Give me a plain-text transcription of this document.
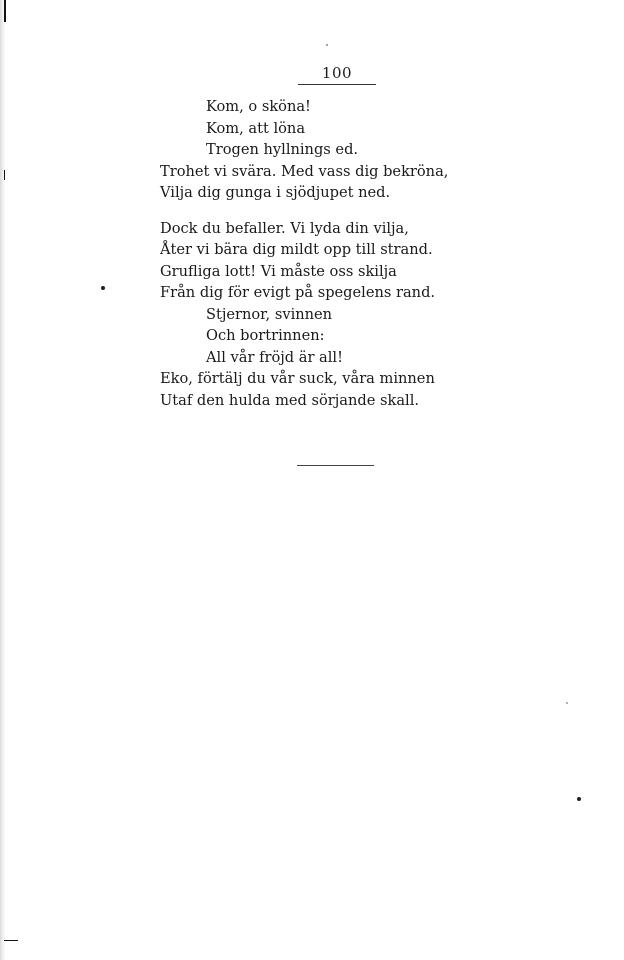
100
Kom, o sköna!
Kom, att löna
Trogen hyllnings ed.
Trohet vi svära. Med vass dig bekröna,
Vilja dig gunga i sjödjupet ned.
Dock du befaller. Vi lyda din vilja,
Åter vi bära dig mildt opp till strand.
Grufliga lott! Vi måste oss skilja
Från dig för evigt på spegelens rand.
Stjernor, svinnen
Och bortrinnen:
All vår fröjd är all!
Eko, förtälj du vår suck, våra minnen
Utaf den hulda med sörjande skall.
